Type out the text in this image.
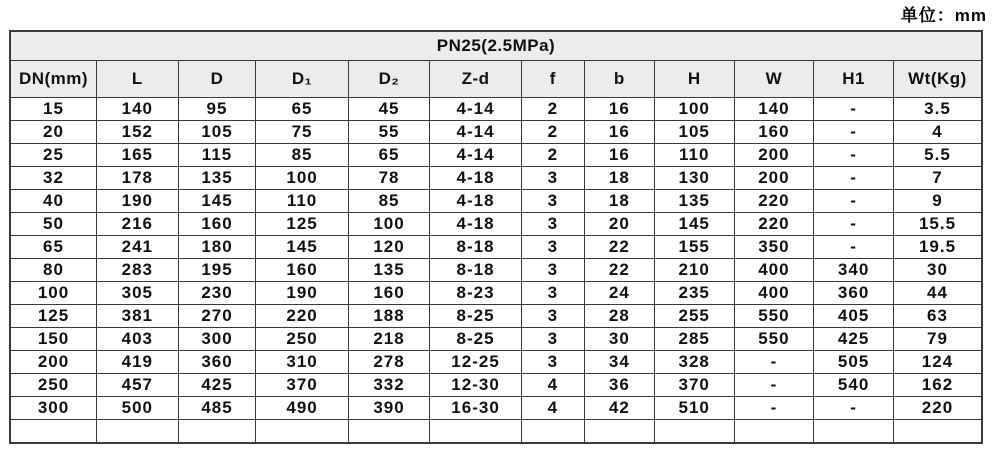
单位：mm
PN25(2.5MPa)											
DN(mm)	L	D	D₁	D₂	Z-d	f	b	H	W	H1	Wt(Kg)
15	140	95	65	45	4-14	2	16	100	140	-	3.5
20	152	105	75	55	4-14	2	16	105	160	-	4
25	165	115	85	65	4-14	2	16	110	200	-	5.5
32	178	135	100	78	4-18	3	18	130	200	-	7
40	190	145	110	85	4-18	3	18	135	220	-	9
50	216	160	125	100	4-18	3	20	145	220	-	15.5
65	241	180	145	120	8-18	3	22	155	350	-	19.5
80	283	195	160	135	8-18	3	22	210	400	340	30
100	305	230	190	160	8-23	3	24	235	400	360	44
125	381	270	220	188	8-25	3	28	255	550	405	63
150	403	300	250	218	8-25	3	30	285	550	425	79
200	419	360	310	278	12-25	3	34	328	-	505	124
250	457	425	370	332	12-30	4	36	370	-	540	162
300	500	485	490	390	16-30	4	42	510	-	-	220
